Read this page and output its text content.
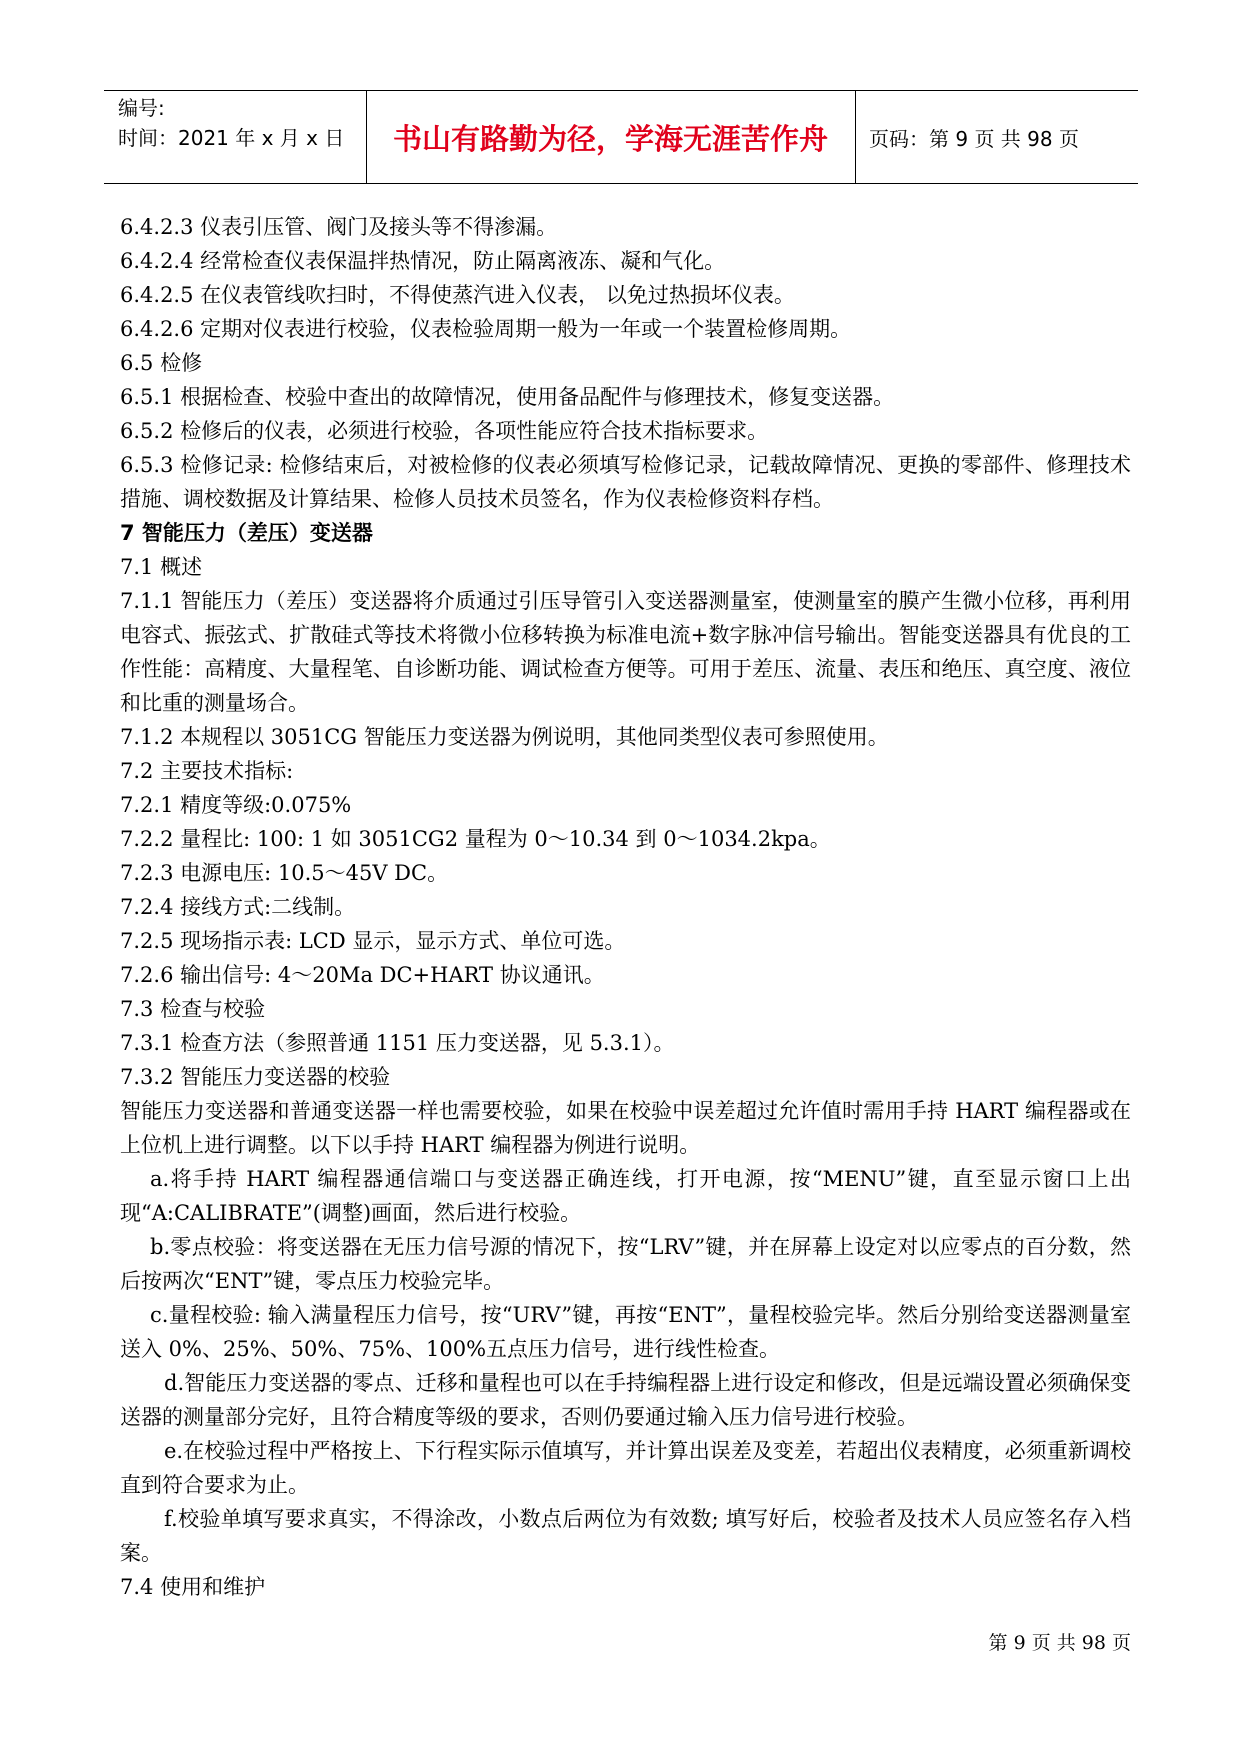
编号:
时间：2021 年 x 月 x 日	书山有路勤为径，学海无涯苦作舟	页码：第 9 页 共 98 页

6.4.2.3 仪表引压管、阀门及接头等不得渗漏。

6.4.2.4 经常检查仪表保温拌热情况，防止隔离液冻、凝和气化。

6.4.2.5 在仪表管线吹扫时，不得使蒸汽进入仪表， 以免过热损坏仪表。

6.4.2.6 定期对仪表进行校验，仪表检验周期一般为一年或一个装置检修周期。

6.5 检修

6.5.1 根据检查、校验中查出的故障情况，使用备品配件与修理技术，修复变送器。

6.5.2 检修后的仪表，必须进行校验，各项性能应符合技术指标要求。

6.5.3 检修记录: 检修结束后，对被检修的仪表必须填写检修记录，记载故障情况、更换的零部件、修理技术措施、调校数据及计算结果、检修人员技术员签名，作为仪表检修资料存档。

7 智能压力（差压）变送器

7.1 概述

7.1.1 智能压力（差压）变送器将介质通过引压导管引入变送器测量室，使测量室的膜产生微小位移，再利用电容式、振弦式、扩散硅式等技术将微小位移转换为标准电流+数字脉冲信号输出。智能变送器具有优良的工作性能：高精度、大量程笔、自诊断功能、调试检查方便等。可用于差压、流量、表压和绝压、真空度、液位和比重的测量场合。

7.1.2 本规程以 3051CG 智能压力变送器为例说明，其他同类型仪表可参照使用。

7.2 主要技术指标:

7.2.1 精度等级:0.075%

7.2.2 量程比: 100: 1 如 3051CG2 量程为 0～10.34 到 0～1034.2kpa。

7.2.3 电源电压: 10.5～45V DC。

7.2.4 接线方式:二线制。

7.2.5 现场指示表: LCD 显示，显示方式、单位可选。

7.2.6 输出信号: 4～20Ma DC+HART 协议通讯。

7.3 检查与校验

7.3.1 检查方法（参照普通 1151 压力变送器，见 5.3.1）。

7.3.2 智能压力变送器的校验

智能压力变送器和普通变送器一样也需要校验，如果在校验中误差超过允许值时需用手持 HART 编程器或在上位机上进行调整。以下以手持 HART 编程器为例进行说明。

a.将手持 HART 编程器通信端口与变送器正确连线，打开电源，按“MENU”键，直至显示窗口上出现“A:CALIBRATE”(调整)画面，然后进行校验。

b.零点校验：将变送器在无压力信号源的情况下，按“LRV”键，并在屏幕上设定对以应零点的百分数，然后按两次“ENT”键，零点压力校验完毕。

c.量程校验: 输入满量程压力信号，按“URV”键，再按“ENT”，量程校验完毕。然后分别给变送器测量室送入 0%、25%、50%、75%、100%五点压力信号，进行线性检查。

d.智能压力变送器的零点、迁移和量程也可以在手持编程器上进行设定和修改，但是远端设置必须确保变送器的测量部分完好，且符合精度等级的要求，否则仍要通过输入压力信号进行校验。

e.在校验过程中严格按上、下行程实际示值填写，并计算出误差及变差，若超出仪表精度，必须重新调校直到符合要求为止。

f.校验单填写要求真实，不得涂改，小数点后两位为有效数; 填写好后，校验者及技术人员应签名存入档案。

7.4 使用和维护

第 9 页 共 98 页
